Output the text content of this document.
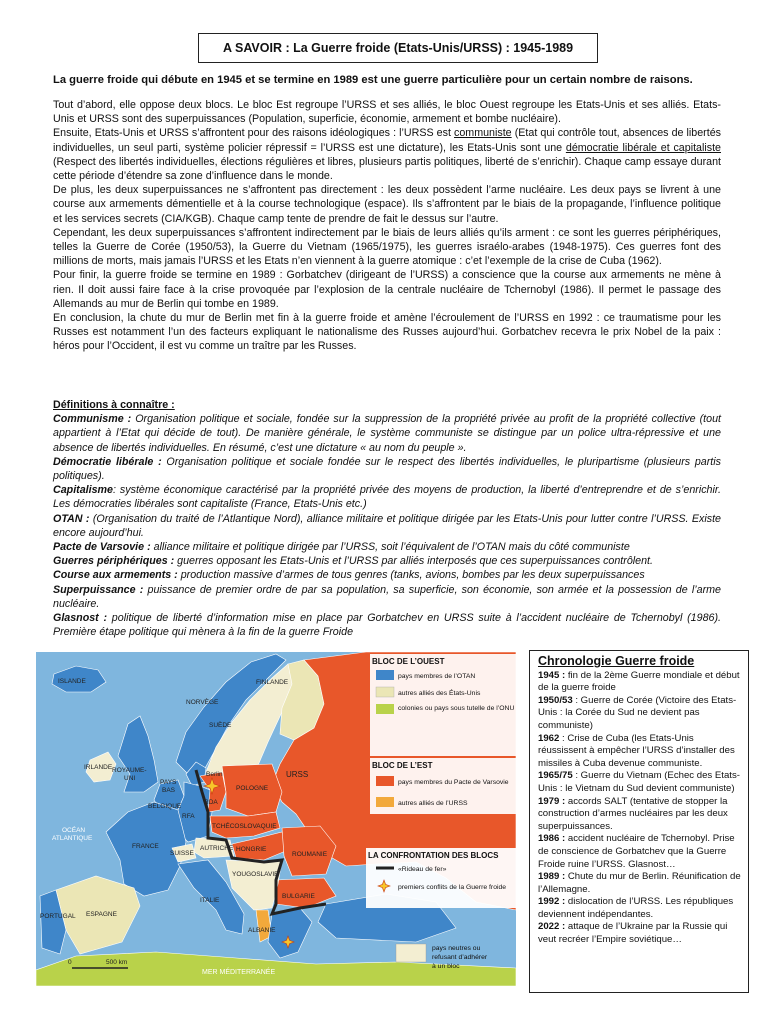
A SAVOIR : La Guerre froide (Etats-Unis/URSS) : 1945-1989
La guerre froide qui débute en 1945 et se termine en 1989 est une guerre particulière pour un certain nombre de raisons.

Tout d’abord, elle oppose deux blocs. Le bloc Est regroupe l’URSS et ses alliés, le bloc Ouest regroupe les Etats-Unis et ses alliés. Etats-Unis et URSS sont des superpuissances (Population, superficie, économie, armement et bombe nucléaire).

Ensuite, Etats-Unis et URSS s’affrontent pour des raisons idéologiques : l’URSS est communiste (Etat qui contrôle tout, absences de libertés individuelles, un seul parti, système policier répressif = l’URSS est une dictature), les Etats-Unis sont une démocratie libérale et capitaliste (Respect des libertés individuelles, élections régulières et libres, plusieurs partis politiques, liberté de s’enrichir). Chaque camp essaye durant cette période d’étendre sa zone d’influence dans le monde.

De plus, les deux superpuissances ne s’affrontent pas directement : les deux possèdent l’arme nucléaire. Les deux pays se livrent à une course aux armements démentielle et à la course technologique (espace). Ils s’affrontent par le biais de la propagande, l’influence politique et les services secrets (CIA/KGB). Chaque camp tente de prendre de fait le dessus sur l’autre.

Cependant, les deux superpuissances s’affrontent indirectement par le biais de leurs alliés qu’ils arment : ce sont les guerres périphériques, telles la Guerre de Corée (1950/53), la Guerre du Vietnam (1965/1975), les guerres israélo-arabes (1948-1975). Ces guerres font des millions de morts, mais jamais l’URSS et les Etats n’en viennent à la guerre atomique : c’et l’exemple de la crise de Cuba (1962).

Pour finir, la guerre froide se termine en 1989 : Gorbatchev (dirigeant de l’URSS) a conscience que la course aux armements ne mène à rien. Il doit aussi faire face à la crise provoquée par l’explosion de la centrale nucléaire de Tchernobyl (1986). Il permet le passage des Allemands au mur de Berlin qui tombe en 1989.

En conclusion, la chute du mur de Berlin met fin à la guerre froide et amène l’écroulement de l’URSS en 1992 : ce traumatisme pour les Russes est notamment l’un des facteurs expliquant le nationalisme des Russes aujourd’hui. Gorbatchev recevra le prix Nobel de la paix : héros pour l’Occident, il est vu comme un traître par les Russes.

Définitions à connaître :

Communisme : Organisation politique et sociale, fondée sur la suppression de la propriété privée au profit de la propriété collective (tout appartient à l’Etat qui décide de tout). De manière générale, le système communiste se distingue par un police ultra-répressive et une absence de libertés individuelles. En résumé, c’est une dictature « au nom du peuple ».

Démocratie libérale : Organisation politique et sociale fondée sur le respect des libertés individuelles, le pluripartisme (plusieurs partis politiques).

Capitalisme: système économique caractérisé par la propriété privée des moyens de production, la liberté d’entreprendre et de s’enrichir. Les démocraties libérales sont capitaliste (France, Etats-Unis etc.)

OTAN : (Organisation du traité de l’Atlantique Nord), alliance militaire et politique dirigée par les Etats-Unis pour lutter contre l’URSS. Existe encore aujourd’hui.

Pacte de Varsovie : alliance militaire et politique dirigée par l’URSS, soit l’équivalent de l’OTAN mais du côté communiste

Guerres périphériques : guerres opposant les Etats-Unis et l’URSS par alliés interposés que ces superpuissances contrôlent.

Course aux armements : production massive d’armes de tous genres (tanks, avions, bombes par les deux superpuissances

Superpuissance : puissance de premier ordre de par sa population, sa superficie, son économie, son armée et la possession de l’arme nucléaire.

Glasnost : politique de liberté d’information mise en place par Gorbatchev en URSS suite à l’accident nucléaire de Tchernobyl (1986). Première étape politique qui mènera à la fin de la guerre Froide

ISLANDE	FINLANDE
NORVÈGE
SUÈDE
URSS
IRLANDE ROYAUME-
UNI
PAYS
BAS
BELGIQUE
RFA
Berlin
RDA
POLOGNE
TCHÉCOSLOVAQUIE
FRANCE
SUISSE
AUTRICHE HONGRIE
ROUMANIE
YOUGOSLAVIE
BULGARIE
ITALIE
ALBANIE
ESPAGNE
PORTUGAL
OCÉAN
ATLANTIQUE
MER MÉDITERRANÉE
0	500 km
BLOC DE L’OUEST
pays membres de l’OTAN
autres alliés des États-Unis
colonies ou pays sous tutelle de l’ONU
BLOC DE L’EST
pays membres du Pacte de Varsovie
autres alliés de l’URSS
LA CONFRONTATION DES BLOCS
«Rideau de fer»
premiers conflits de la Guerre froide
pays neutres ou
refusant d’adhérer
à un bloc
Chronologie Guerre froide

1945 : fin de la 2ème Guerre mondiale et début de la guerre froide

1950/53 : Guerre de Corée (Victoire des Etats-Unis : la Corée du Sud ne devient pas communiste)

1962 : Crise de Cuba (les Etats-Unis réussissent à empêcher l’URSS d’installer des missiles à Cuba devenue communiste.

1965/75 : Guerre du Vietnam (Echec des Etats-Unis : le Vietnam du Sud devient communiste)

1979 : accords SALT (tentative de stopper la construction d’armes nucléaires par les deux superpuissances.

1986 : accident nucléaire de Tchernobyl. Prise de conscience de Gorbatchev que la Guerre Froide ruine l’URSS. Glasnost…

1989 : Chute du mur de Berlin. Réunification de l’Allemagne.

1992 : dislocation de l’URSS. Les républiques deviennent indépendantes.

2022 : attaque de l’Ukraine par la Russie qui veut recréer l’Empire soviétique…
